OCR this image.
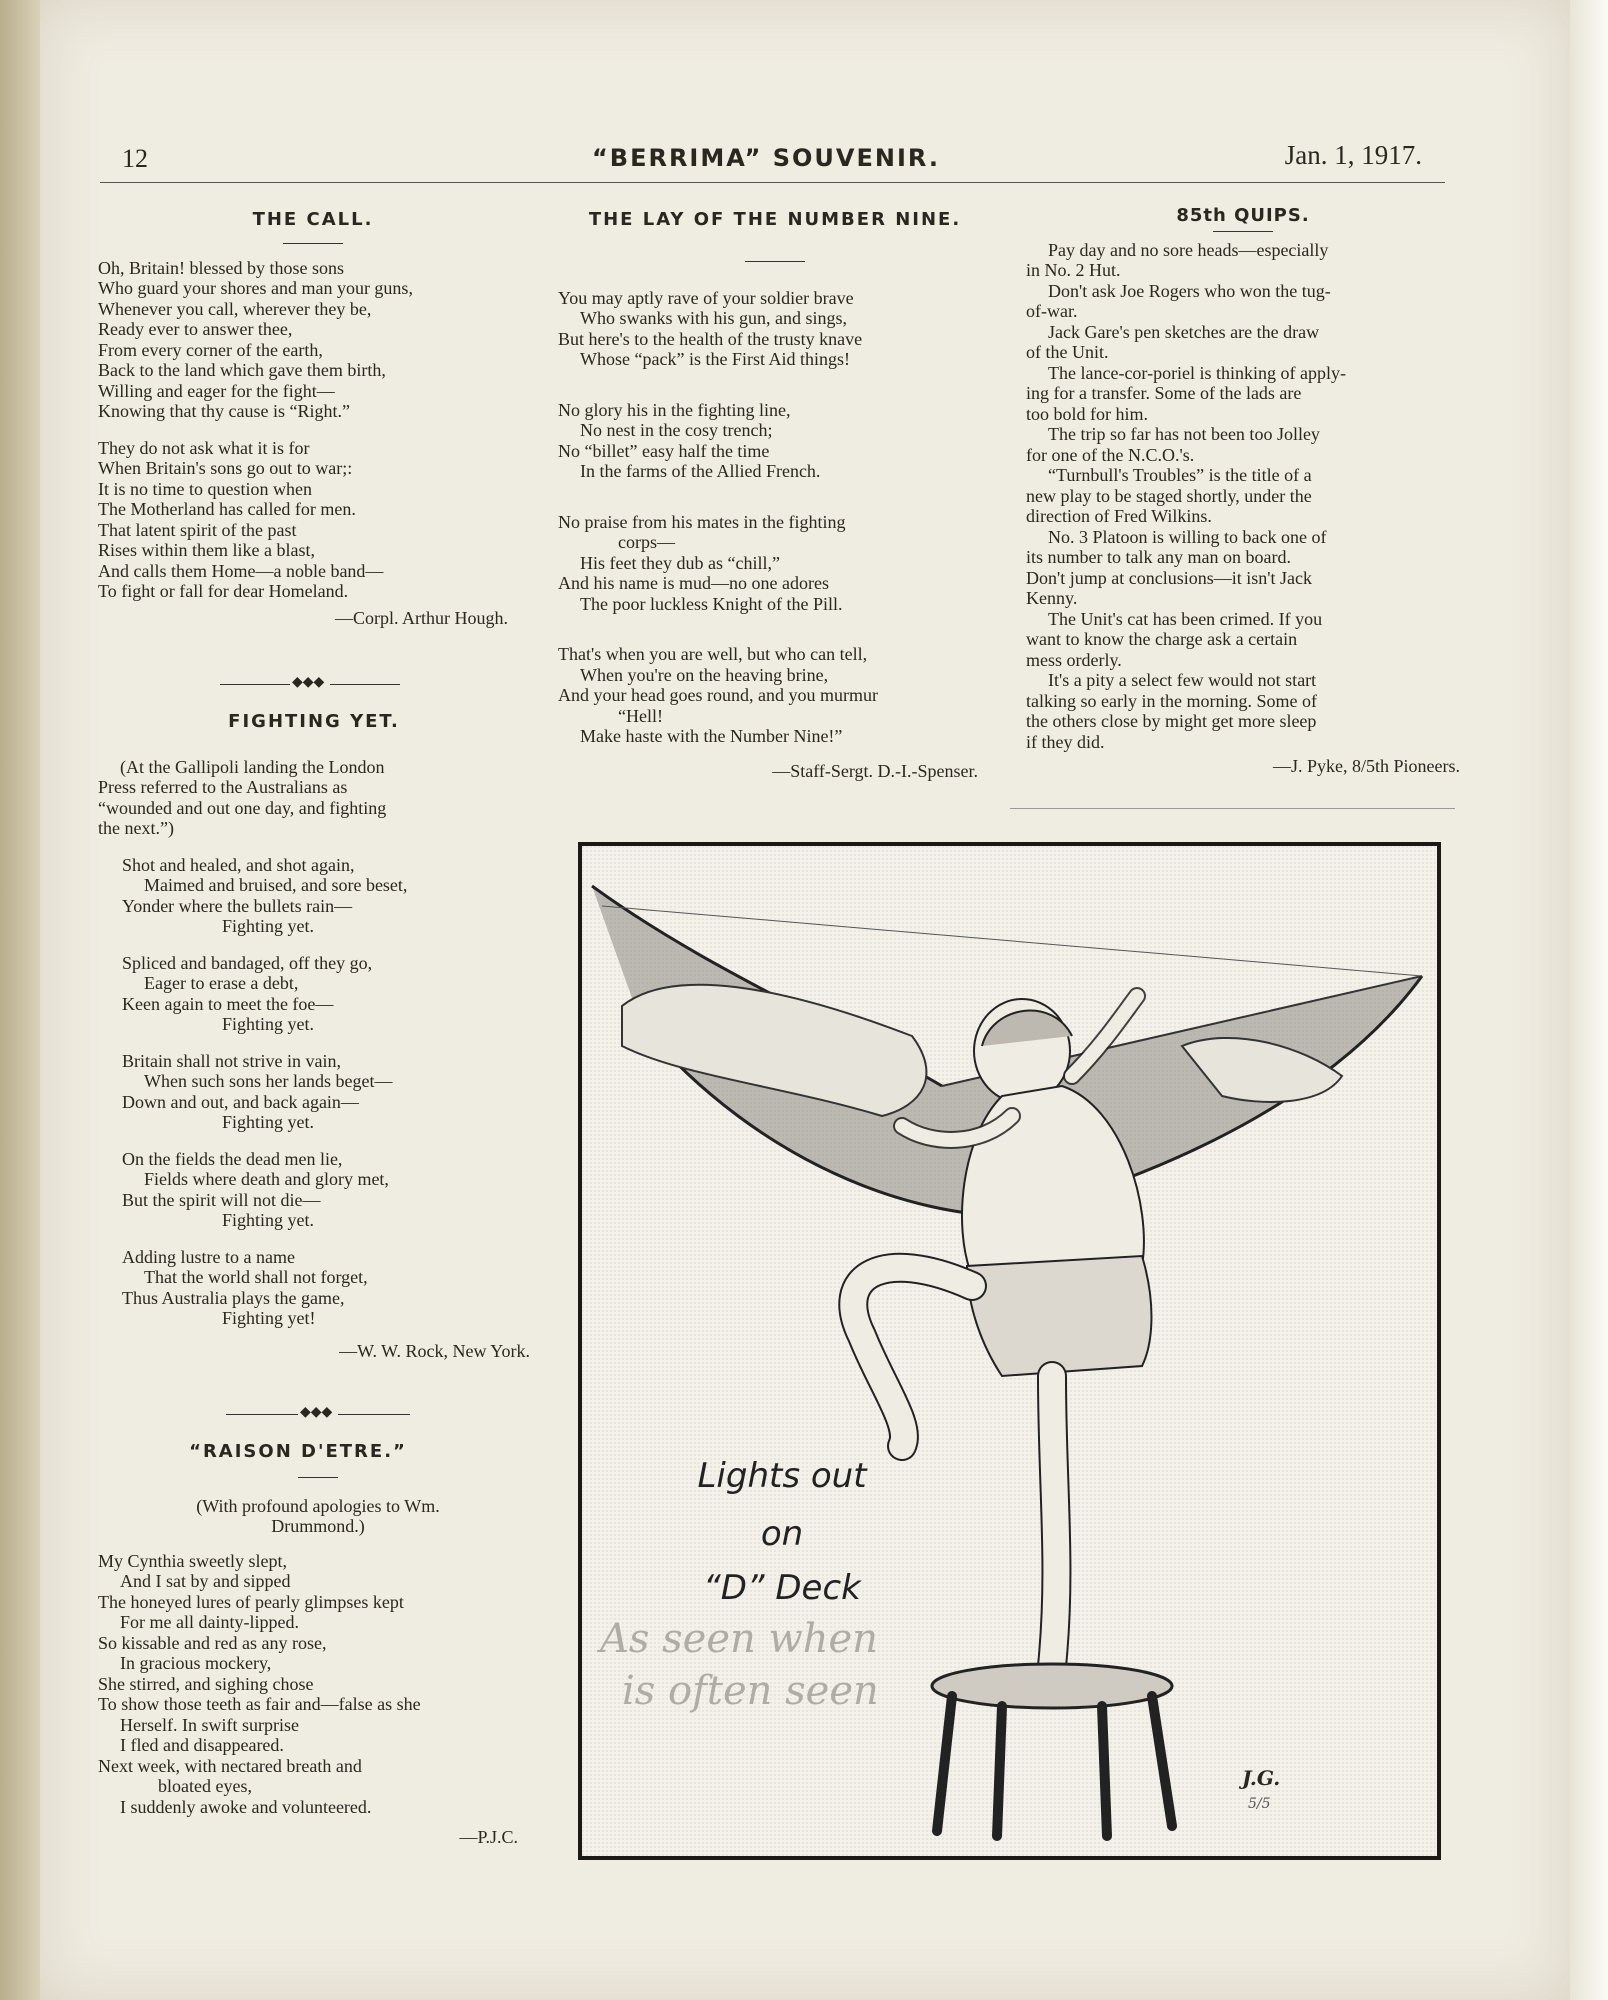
12	“BERRIMA” SOUVENIR.	Jan. 1, 1917.

THE CALL.

Oh, Britain! blessed by those sons

Who guard your shores and man your guns,

Whenever you call, wherever they be,

Ready ever to answer thee,

From every corner of the earth,

Back to the land which gave them birth,

Willing and eager for the fight—

Knowing that thy cause is “Right.”

They do not ask what it is for

When Britain's sons go out to war;:

It is no time to question when

The Motherland has called for men.

That latent spirit of the past

Rises within them like a blast,

And calls them Home—a noble band—

To fight or fall for dear Homeland.

—Corpl. Arthur Hough.

◆◆◆

FIGHTING YET.

(At the Gallipoli landing the London

Press referred to the Australians as

“wounded and out one day, and fighting

the next.”)

Shot and healed, and shot again,

Maimed and bruised, and sore beset,

Yonder where the bullets rain—

Fighting yet.

Spliced and bandaged, off they go,

Eager to erase a debt,

Keen again to meet the foe—

Fighting yet.

Britain shall not strive in vain,

When such sons her lands beget—

Down and out, and back again—

Fighting yet.

On the fields the dead men lie,

Fields where death and glory met,

But the spirit will not die—

Fighting yet.

Adding lustre to a name

That the world shall not forget,

Thus Australia plays the game,

Fighting yet!

—W. W. Rock, New York.

◆◆◆

“RAISON D'ETRE.”

(With profound apologies to Wm.

Drummond.)

My Cynthia sweetly slept,

And I sat by and sipped

The honeyed lures of pearly glimpses kept

For me all dainty-lipped.

So kissable and red as any rose,

In gracious mockery,

She stirred, and sighing chose

To show those teeth as fair and—false as she

Herself. In swift surprise

I fled and disappeared.

Next week, with nectared breath and

bloated eyes,

I suddenly awoke and volunteered.

—P.J.C.

THE LAY OF THE NUMBER NINE.

You may aptly rave of your soldier brave

Who swanks with his gun, and sings,

But here's to the health of the trusty knave

Whose “pack” is the First Aid things!

No glory his in the fighting line,

No nest in the cosy trench;

No “billet” easy half the time

In the farms of the Allied French.

No praise from his mates in the fighting

corps—

His feet they dub as “chill,”

And his name is mud—no one adores

The poor luckless Knight of the Pill.

That's when you are well, but who can tell,

When you're on the heaving brine,

And your head goes round, and you murmur

“Hell!

Make haste with the Number Nine!”

—Staff-Sergt. D.-I.-Spenser.

85th QUIPS.

Pay day and no sore heads—especially

in No. 2 Hut.

Don't ask Joe Rogers who won the tug-

of-war.

Jack Gare's pen sketches are the draw

of the Unit.

The lance-cor-poriel is thinking of apply-

ing for a transfer. Some of the lads are

too bold for him.

The trip so far has not been too Jolley

for one of the N.C.O.'s.

“Turnbull's Troubles” is the title of a

new play to be staged shortly, under the

direction of Fred Wilkins.

No. 3 Platoon is willing to back one of

its number to talk any man on board.

Don't jump at conclusions—it isn't Jack

Kenny.

The Unit's cat has been crimed. If you

want to know the charge ask a certain

mess orderly.

It's a pity a select few would not start

talking so early in the morning. Some of

the others close by might get more sleep

if they did.

—J. Pyke, 8/5th Pioneers.

Lights out
on
“D” Deck
As seen when
is often seen
J.G.
5/5
